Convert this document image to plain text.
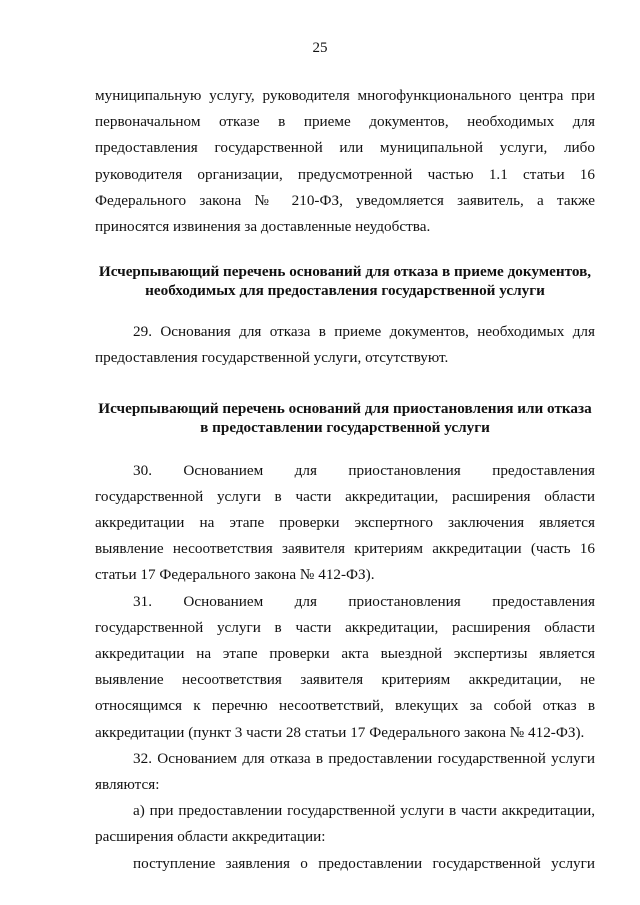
25

муниципальную услугу, руководителя многофункционального центра при первоначальном отказе в приеме документов, необходимых для предоставления государственной или муниципальной услуги, либо руководителя организации, предусмотренной частью 1.1 статьи 16 Федерального закона № 210-ФЗ, уведомляется заявитель, а также приносятся извинения за доставленные неудобства.

Исчерпывающий перечень оснований для отказа в приеме документов, необходимых для предоставления государственной услуги

29. Основания для отказа в приеме документов, необходимых для предоставления государственной услуги, отсутствуют.

Исчерпывающий перечень оснований для приостановления или отказа в предоставлении государственной услуги

30. Основанием для приостановления предоставления государственной услуги в части аккредитации, расширения области аккредитации на этапе проверки экспертного заключения является выявление несоответствия заявителя критериям аккредитации (часть 16 статьи 17 Федерального закона № 412-ФЗ).

31. Основанием для приостановления предоставления государственной услуги в части аккредитации, расширения области аккредитации на этапе проверки акта выездной экспертизы является выявление несоответствия заявителя критериям аккредитации, не относящимся к перечню несоответствий, влекущих за собой отказ в аккредитации (пункт 3 части 28 статьи 17 Федерального закона № 412-ФЗ).

32. Основанием для отказа в предоставлении государственной услуги являются:

а) при предоставлении государственной услуги в части аккредитации, расширения области аккредитации:

поступление заявления о предоставлении государственной услуги
